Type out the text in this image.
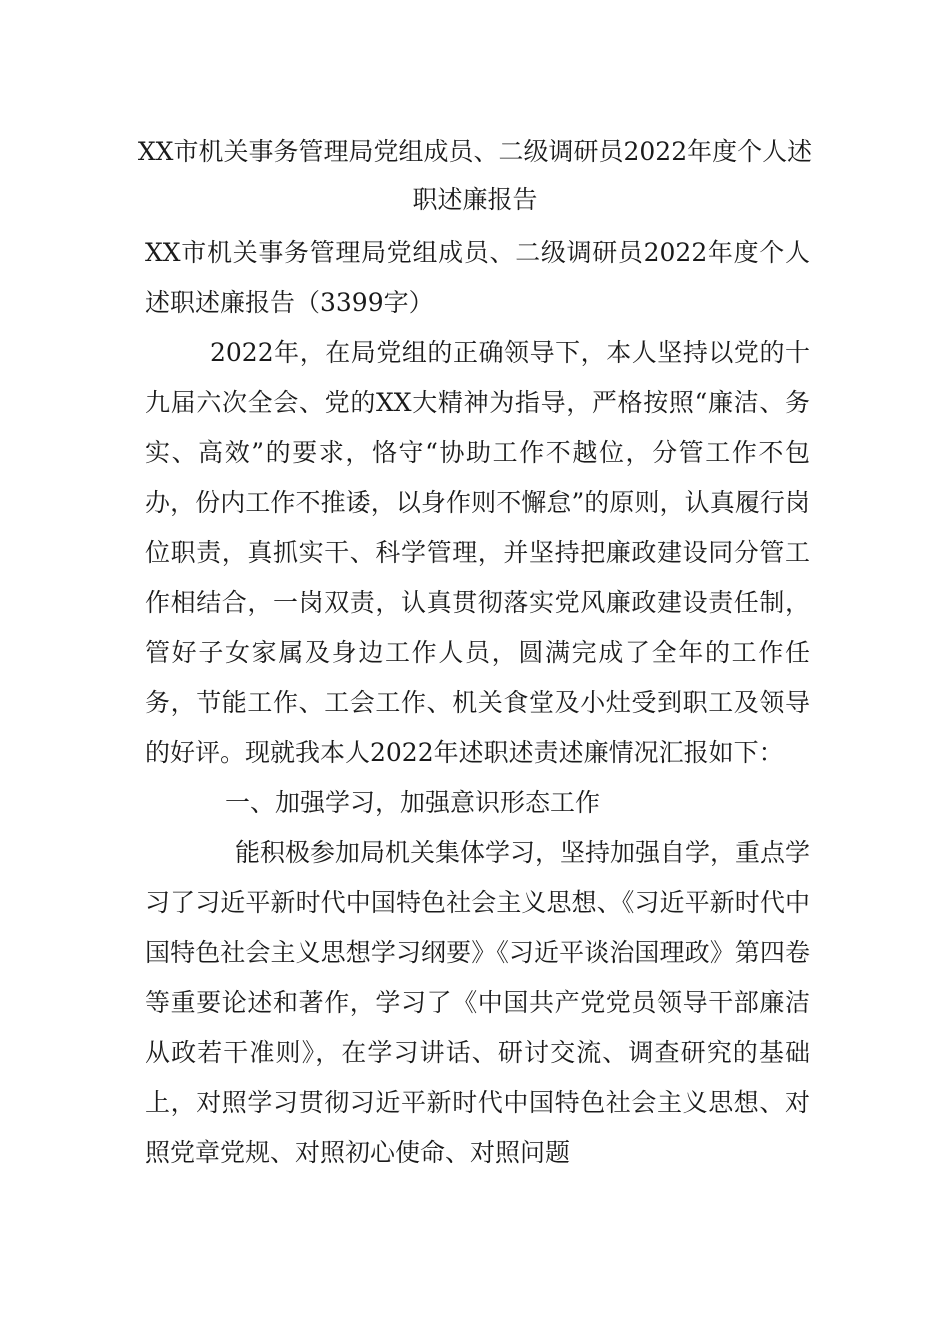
XX市机关事务管理局党组成员、二级调研员2022年度个人述职述廉报告

XX市机关事务管理局党组成员、二级调研员2022年度个人述职述廉报告（3399字）

2022年，在局党组的正确领导下，本人坚持以党的十九届六次全会、党的XX大精神为指导，严格按照“廉洁、务实、高效”的要求，恪守“协助工作不越位，分管工作不包办，份内工作不推诿，以身作则不懈怠”的原则，认真履行岗位职责，真抓实干、科学管理，并坚持把廉政建设同分管工作相结合，一岗双责，认真贯彻落实党风廉政建设责任制，管好子女家属及身边工作人员，圆满完成了全年的工作任务，节能工作、工会工作、机关食堂及小灶受到职工及领导的好评。现就我本人2022年述职述责述廉情况汇报如下：

一、加强学习，加强意识形态工作

能积极参加局机关集体学习，坚持加强自学，重点学习了习近平新时代中国特色社会主义思想、《习近平新时代中国特色社会主义思想学习纲要》《习近平谈治国理政》第四卷等重要论述和著作，学习了《中国共产党党员领导干部廉洁从政若干准则》，在学习讲话、研讨交流、调查研究的基础上，对照学习贯彻习近平新时代中国特色社会主义思想、对照党章党规、对照初心使命、对照问题
